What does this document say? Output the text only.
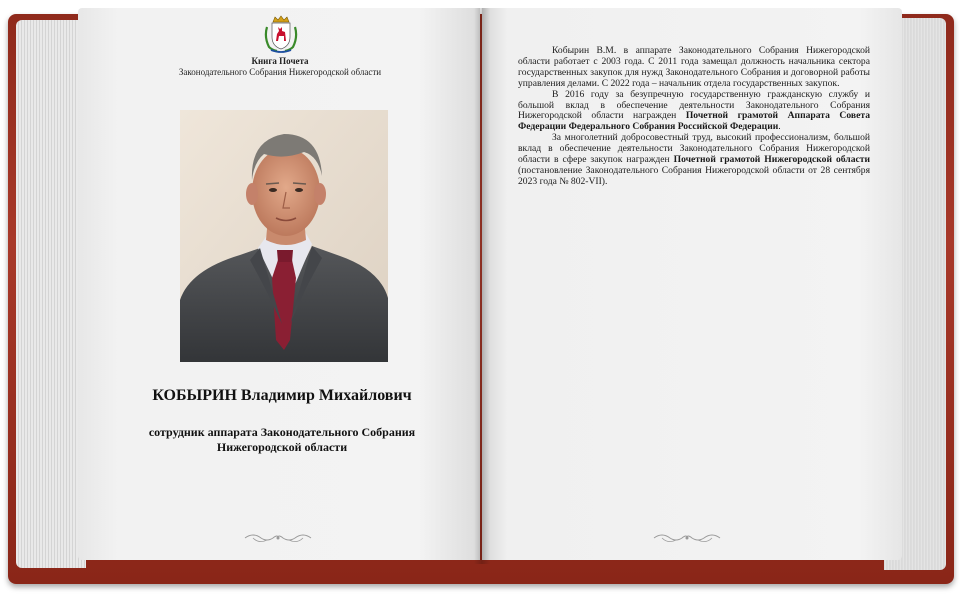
Книга Почета
Законодательного Собрания Нижегородской области
КОБЫРИН Владимир Михайлович
сотрудник аппарата Законодательного Собрания
Нижегородской области

Кобырин В.М. в аппарате Законодательного Собрания Нижегородской области работает с 2003 года. С 2011 года замещал должность начальника сектора государственных закупок для нужд Законодательного Собрания и договорной работы управления делами. С 2022 года – начальник отдела государственных закупок.

В 2016 году за безупречную государственную гражданскую службу и большой вклад в обеспечение деятельности Законодательного Собрания Нижегородской области награжден Почетной грамотой Аппарата Совета Федерации Федерального Собрания Российской Федерации.

За многолетний добросовестный труд, высокий профессионализм, большой вклад в обеспечение деятельности Законодательного Собрания Нижегородской области в сфере закупок награжден Почетной грамотой Нижегородской области (постановление Законодательного Собрания Нижегородской области от 28 сентября 2023 года № 802-VII).
